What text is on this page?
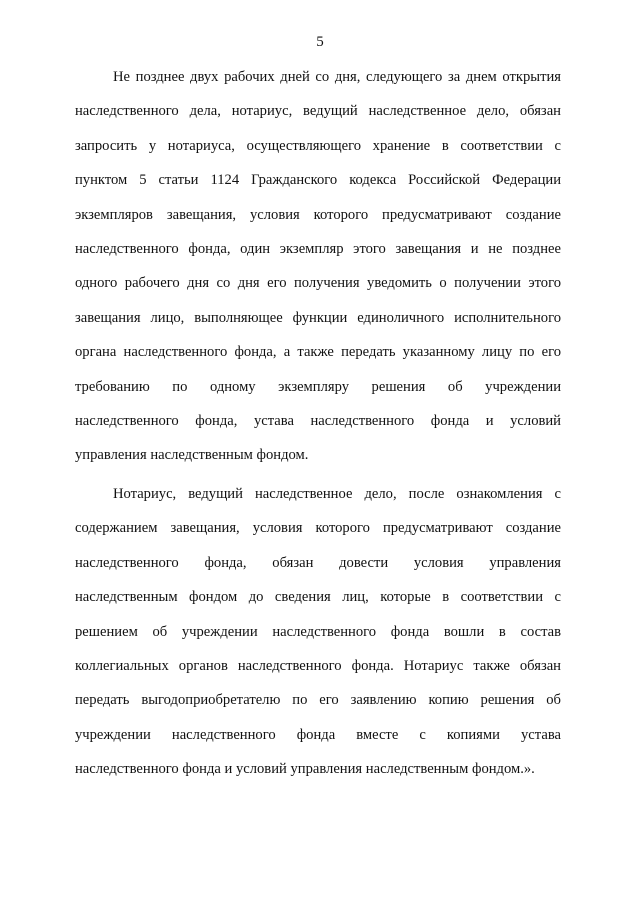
5
Не позднее двух рабочих дней со дня, следующего за днем открытия
наследственного дела, нотариус, ведущий наследственное дело, обязан
запросить у нотариуса, осуществляющего хранение в соответствии с
пунктом 5 статьи 1124 Гражданского кодекса Российской Федерации
экземпляров завещания, условия которого предусматривают создание
наследственного фонда, один экземпляр этого завещания и не позднее
одного рабочего дня со дня его получения уведомить о получении этого
завещания лицо, выполняющее функции единоличного исполнительного
органа наследственного фонда, а также передать указанному лицу по его
требованию по одному экземпляру решения об учреждении
наследственного фонда, устава наследственного фонда и условий
управления наследственным фондом.
Нотариус, ведущий наследственное дело, после ознакомления с
содержанием завещания, условия которого предусматривают создание
наследственного фонда, обязан довести условия управления
наследственным фондом до сведения лиц, которые в соответствии с
решением об учреждении наследственного фонда вошли в состав
коллегиальных органов наследственного фонда. Нотариус также обязан
передать выгодоприобретателю по его заявлению копию решения об
учреждении наследственного фонда вместе с копиями устава
наследственного фонда и условий управления наследственным фондом.».
